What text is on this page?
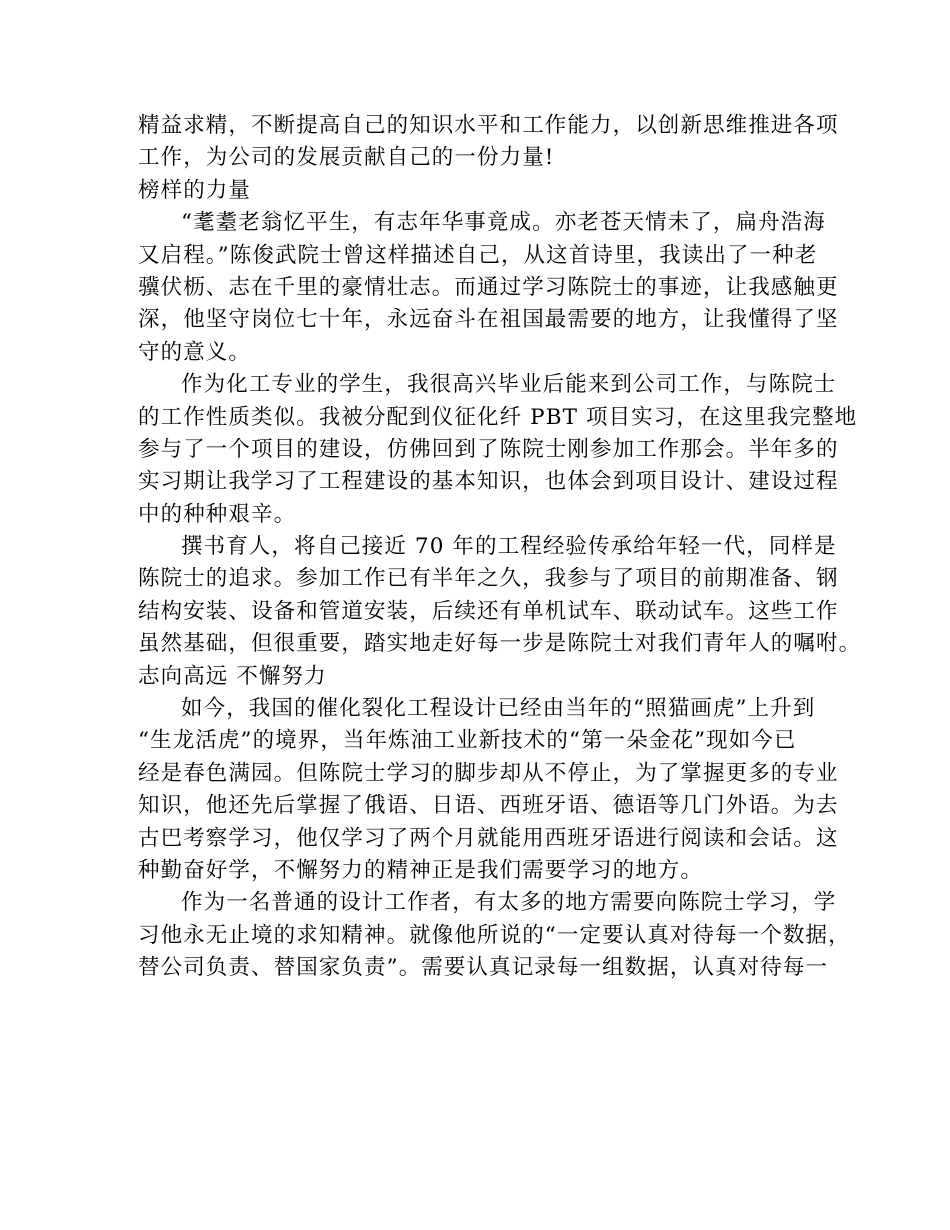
精益求精，不断提高自己的知识水平和工作能力，以创新思维推进各项
工作，为公司的发展贡献自己的一份力量!
榜样的力量
“耄耋老翁忆平生，有志年华事竟成。亦老苍天情未了，扁舟浩海
又启程。”陈俊武院士曾这样描述自己，从这首诗里，我读出了一种老
骥伏枥、志在千里的豪情壮志。而通过学习陈院士的事迹，让我感触更
深，他坚守岗位七十年，永远奋斗在祖国最需要的地方，让我懂得了坚
守的意义。
作为化工专业的学生，我很高兴毕业后能来到公司工作，与陈院士
的工作性质类似。我被分配到仪征化纤 PBT 项目实习，在这里我完整地
参与了一个项目的建设，仿佛回到了陈院士刚参加工作那会。半年多的
实习期让我学习了工程建设的基本知识，也体会到项目设计、建设过程
中的种种艰辛。
撰书育人，将自己接近 70 年的工程经验传承给年轻一代，同样是
陈院士的追求。参加工作已有半年之久，我参与了项目的前期准备、钢
结构安装、设备和管道安装，后续还有单机试车、联动试车。这些工作
虽然基础，但很重要，踏实地走好每一步是陈院士对我们青年人的嘱咐。
志向高远 不懈努力
如今，我国的催化裂化工程设计已经由当年的“照猫画虎”上升到
“生龙活虎”的境界，当年炼油工业新技术的“第一朵金花”现如今已
经是春色满园。但陈院士学习的脚步却从不停止，为了掌握更多的专业
知识，他还先后掌握了俄语、日语、西班牙语、德语等几门外语。为去
古巴考察学习，他仅学习了两个月就能用西班牙语进行阅读和会话。这
种勤奋好学，不懈努力的精神正是我们需要学习的地方。
作为一名普通的设计工作者，有太多的地方需要向陈院士学习，学
习他永无止境的求知精神。就像他所说的“一定要认真对待每一个数据，
替公司负责、替国家负责”。需要认真记录每一组数据，认真对待每一
